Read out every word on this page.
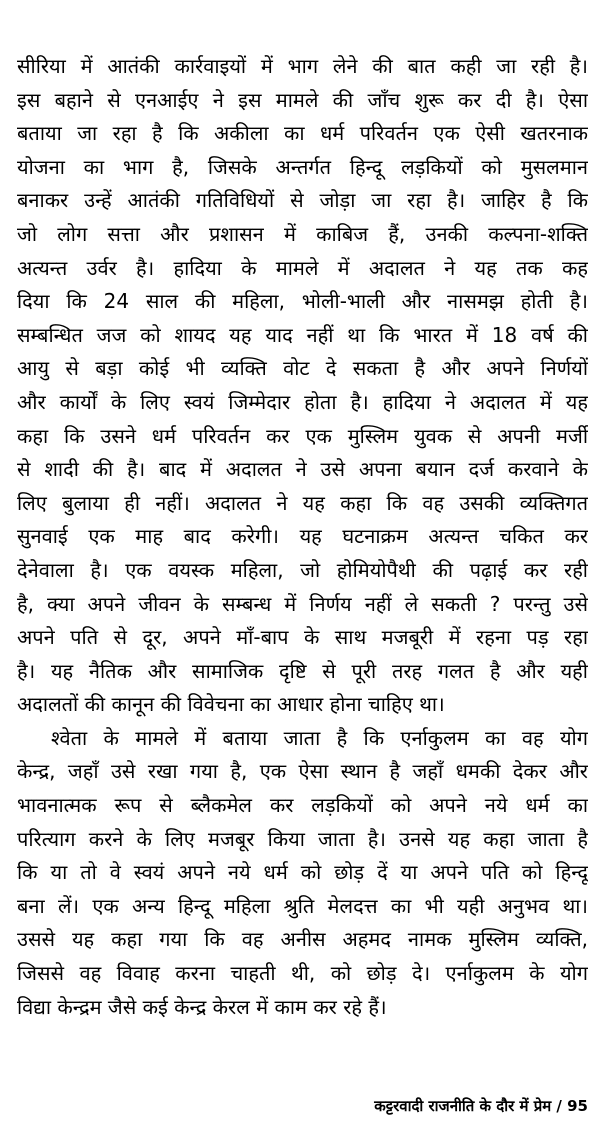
सीरिया में आतंकी कार्रवाइयों में भाग लेने की बात कही जा रही है।
इस बहाने से एनआईए ने इस मामले की जाँच शुरू कर दी है। ऐसा
बताया जा रहा है कि अकीला का धर्म परिवर्तन एक ऐसी खतरनाक
योजना का भाग है, जिसके अन्तर्गत हिन्दू लड़कियों को मुसलमान
बनाकर उन्हें आतंकी गतिविधियों से जोड़ा जा रहा है। जाहिर है कि
जो लोग सत्ता और प्रशासन में काबिज हैं, उनकी कल्पना-शक्ति
अत्यन्त उर्वर है। हादिया के मामले में अदालत ने यह तक कह
दिया कि 24 साल की महिला, भोली-भाली और नासमझ होती है।
सम्बन्धित जज को शायद यह याद नहीं था कि भारत में 18 वर्ष की
आयु से बड़ा कोई भी व्यक्ति वोट दे सकता है और अपने निर्णयों
और कार्यों के लिए स्वयं जिम्मेदार होता है। हादिया ने अदालत में यह
कहा कि उसने धर्म परिवर्तन कर एक मुस्लिम युवक से अपनी मर्जी
से शादी की है। बाद में अदालत ने उसे अपना बयान दर्ज करवाने के
लिए बुलाया ही नहीं। अदालत ने यह कहा कि वह उसकी व्यक्तिगत
सुनवाई एक माह बाद करेगी। यह घटनाक्रम अत्यन्त चकित कर
देनेवाला है। एक वयस्क महिला, जो होमियोपैथी की पढ़ाई कर रही
है, क्या अपने जीवन के सम्बन्ध में निर्णय नहीं ले सकती ? परन्तु उसे
अपने पति से दूर, अपने माँ-बाप के साथ मजबूरी में रहना पड़ रहा
है। यह नैतिक और सामाजिक दृष्टि से पूरी तरह गलत है और यही
अदालतों की कानून की विवेचना का आधार होना चाहिए था।
श्वेता के मामले में बताया जाता है कि एर्नाकुलम का वह योग
केन्द्र, जहाँ उसे रखा गया है, एक ऐसा स्थान है जहाँ धमकी देकर और
भावनात्मक रूप से ब्लैकमेल कर लड़कियों को अपने नये धर्म का
परित्याग करने के लिए मजबूर किया जाता है। उनसे यह कहा जाता है
कि या तो वे स्वयं अपने नये धर्म को छोड़ दें या अपने पति को हिन्दू
बना लें। एक अन्य हिन्दू महिला श्रुति मेलदत्त का भी यही अनुभव था।
उससे यह कहा गया कि वह अनीस अहमद नामक मुस्लिम व्यक्ति,
जिससे वह विवाह करना चाहती थी, को छोड़ दे। एर्नाकुलम के योग
विद्या केन्द्रम जैसे कई केन्द्र केरल में काम कर रहे हैं।
कट्टरवादी राजनीति के दौर में प्रेम / 95
